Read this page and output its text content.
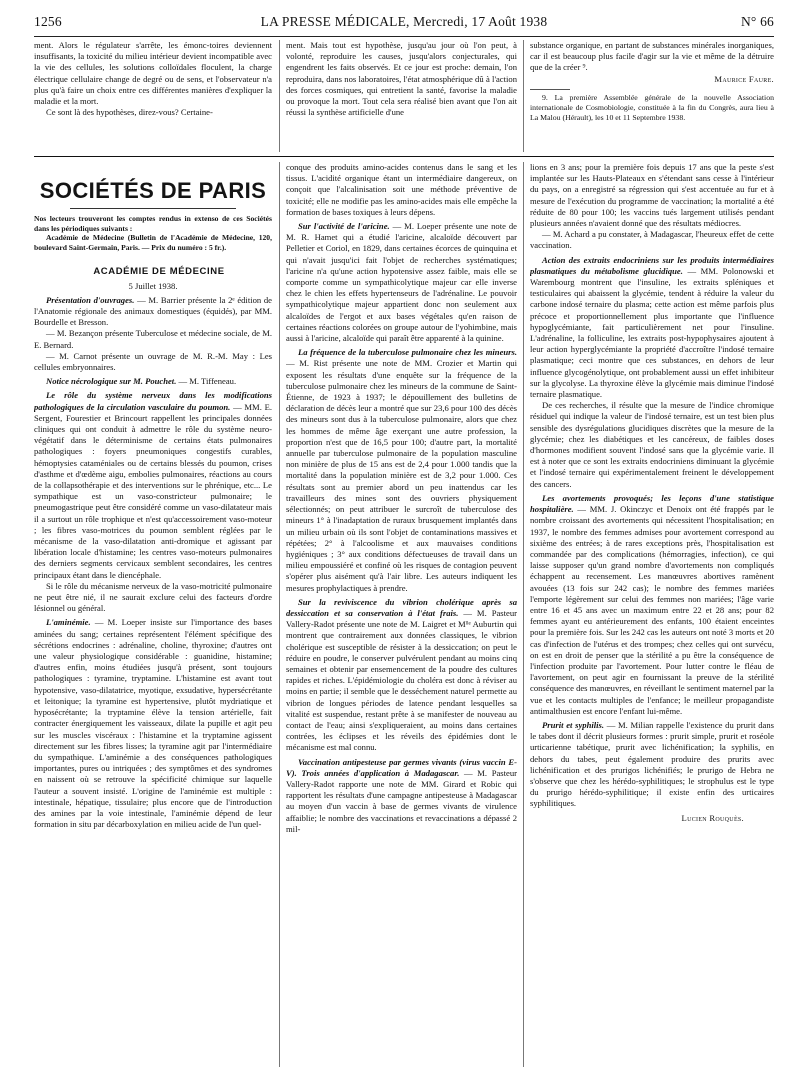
1256	LA PRESSE MÉDICALE, Mercredi, 17 Août 1938	N° 66

ment. Alors le régulateur s'arrête, les émonc-toires deviennent insuffisants, la toxicité du milieu intérieur devient incompatible avec la vie des cellules, les solutions colloïdales floculent, la charge électrique cellulaire change de degré ou de sens, et l'observateur n'a plus qu'à faire un choix entre ces différentes manières d'expliquer la maladie et la mort.

Ce sont là des hypothèses, direz-vous? Certaine-

ment. Mais tout est hypothèse, jusqu'au jour où l'on peut, à volonté, reproduire les causes, jusqu'alors conjecturales, qui engendrent les faits observés. Et ce jour est proche: demain, l'on reproduira, dans nos laboratoires, l'état atmosphérique dû à l'action des forces cosmiques, qui entretient la santé, favorise la maladie ou provoque la mort. Tout cela sera réalisé bien avant que l'on ait réussi la synthèse artificielle d'une

substance organique, en partant de substances minérales inorganiques, car il est beaucoup plus facile d'agir sur la vie et même de la détruire que de la créer ⁹.

Maurice Faure.

9. La première Assemblée générale de la nouvelle Association internationale de Cosmobiologie, constituée à la fin du Congrès, aura lieu à La Malou (Hérault), les 10 et 11 Septembre 1938.

SOCIÉTÉS DE PARIS

Nos lecteurs trouveront les comptes rendus in extenso de ces Sociétés dans les périodiques suivants :

Académie de Médecine (Bulletin de l'Académie de Médecine, 120, boulevard Saint-Germain, Paris. — Prix du numéro : 5 fr.).

ACADÉMIE DE MÉDECINE

5 Juillet 1938.

Présentation d'ouvrages. — M. Barrier présente la 2ᵉ édition de l'Anatomie régionale des animaux domestiques (équidés), par MM. Bourdelle et Bresson.

— M. Bezançon présente Tuberculose et médecine sociale, de M. E. Bernard.

— M. Carnot présente un ouvrage de M. R.-M. May : Les cellules embryonnaires.

Notice nécrologique sur M. Pouchet. — M. Tiffeneau.

Le rôle du système nerveux dans les modifications pathologiques de la circulation vasculaire du poumon. — MM. E. Sergent, Fourestier et Brincourt rappellent les principales données cliniques qui ont conduit à admettre le rôle du système neuro-végétatif dans le déterminisme de certains états pulmonaires pathologiques : foyers pneumoniques congestifs curables, hémoptysies cataméniales ou de certains blessés du poumon, crises d'asthme et d'œdème aigu, embolies pulmonaires, réactions au cours de la collapsothérapie et des interventions sur le phrénique, etc... Le sympathique est un vaso-constricteur pulmonaire; le pneumogastrique peut être considéré comme un vaso-dilatateur mais il a surtout un rôle trophique et n'est qu'accessoirement vaso-moteur ; les fibres vaso-motrices du poumon semblent réglées par le mécanisme de la vaso-dilatation anti-dromique et agissant par libération locale d'histamine; les centres vaso-moteurs pulmonaires des derniers segments cervicaux semblent secondaires, les centres principaux étant dans le diencéphale.

Si le rôle du mécanisme nerveux de la vaso-motricité pulmonaire ne peut être nié, il ne saurait exclure celui des facteurs d'ordre lésionnel ou général.

L'aminémie. — M. Loeper insiste sur l'importance des bases aminées du sang; certaines représentent l'élément spécifique des sécrétions endocrines : adrénaline, choline, thyroxine; d'autres ont une valeur physiologique considérable : guanidine, histamine; d'autres enfin, moins étudiées jusqu'à présent, sont toujours pathologiques : tyramine, tryptamine. L'histamine est avant tout hypotensive, vaso-dilatatrice, myotique, exsudative, hypersécrétante et leitonique; la tyramine est hypertensive, plutôt mydriatique et hyposécrétante; la tryptamine élève la tension artérielle, fait contracter énergiquement les vaisseaux, dilate la pupille et agit peu sur les muscles viscéraux : l'histamine et la tryptamine agissent directement sur les fibres lisses; la tyramine agit par l'intermédiaire du sympathique. L'aminémie a des conséquences pathologiques importantes, pures ou intriquées ; des symptômes et des syndromes en naissent où se retrouve la spécificité chimique sur laquelle l'auteur a souvent insisté. L'origine de l'aminémie est multiple : intestinale, hépatique, tissulaire; plus encore que de l'introduction des amines par la voie intestinale, l'aminémie dépend de leur formation in situ par décarboxylation en milieu acide de l'un quel-

conque des produits amino-acides contenus dans le sang et les tissus. L'acidité organique étant un intermédiaire dangereux, on conçoit que l'alcalinisation soit une méthode préventive de toxicité; elle ne modifie pas les amino-acides mais elle empêche la formation de bases toxiques à leurs dépens.

Sur l'activité de l'aricine. — M. Loeper présente une note de M. R. Hamet qui a étudié l'aricine, alcaloïde découvert par Pelletier et Coriol, en 1829, dans certaines écorces de quinquina et qui n'avait jusqu'ici fait l'objet de recherches systématiques; l'aricine n'a qu'une action hypotensive assez faible, mais elle se comporte comme un sympathicolytique majeur car elle inverse chez le chien les effets hypertenseurs de l'adrénaline. Le pouvoir sympathicolytique majeur appartient donc non seulement aux alcaloïdes de l'ergot et aux bases végétales qu'en raison de certaines réactions colorées on groupe autour de l'yohimbine, mais aussi à l'aricine, alcaloïde qui paraît être apparenté à la quinine.

La fréquence de la tuberculose pulmonaire chez les mineurs. — M. Rist présente une note de MM. Crozier et Martin qui exposent les résultats d'une enquête sur la fréquence de la tuberculose pulmonaire chez les mineurs de la commune de Saint-Étienne, de 1923 à 1937; le dépouillement des bulletins de déclaration de décès leur a montré que sur 23,6 pour 100 des décès des mineurs sont dus à la tuberculose pulmonaire, alors que chez les hommes de même âge exerçant une autre profession, la proportion n'est que de 16,5 pour 100; d'autre part, la mortalité annuelle par tuberculose pulmonaire de la population masculine non minière de plus de 15 ans est de 2,4 pour 1.000 tandis que la mortalité dans la population minière est de 3,2 pour 1.000. Ces résultats sont au premier abord un peu inattendus car les travailleurs des mines sont des ouvriers physiquement sélectionnés; on peut attribuer le surcroît de tuberculose des mineurs 1° à l'inadaptation de ruraux brusquement implantés dans un milieu urbain où ils sont l'objet de contaminations massives et répétées; 2° à l'alcoolisme et aux mauvaises conditions hygiéniques ; 3° aux conditions défectueuses de travail dans un milieu empoussiéré et confiné où les risques de contagion peuvent s'opérer plus aisément qu'à l'air libre. Les auteurs indiquent les mesures prophylactiques à prendre.

Sur la reviviscence du vibrion cholérique après sa dessiccation et sa conservation à l'état frais. — M. Pasteur Vallery-Radot présente une note de M. Laigret et Mˡˡᵉ Auburtin qui montrent que contrairement aux données classiques, le vibrion cholérique est susceptible de résister à la dessiccation; on peut le réduire en poudre, le conserver pulvérulent pendant au moins cinq semaines et obtenir par ensemencement de la poudre des cultures rapides et riches. L'épidémiologie du choléra est donc à réviser au moins en partie; il semble que le desséchement naturel permette au vibrion de longues périodes de latence pendant lesquelles sa vitalité est suspendue, restant prête à se manifester de nouveau au contact de l'eau; ainsi s'expliqueraient, au moins dans certaines contrées, les éclipses et les réveils des épidémies dont le mécanisme est mal connu.

Vaccination antipesteuse par germes vivants (virus vaccin E-V). Trois années d'application à Madagascar. — M. Pasteur Vallery-Radot rapporte une note de MM. Girard et Robic qui rapportent les résultats d'une campagne antipesteuse à Madagascar au moyen d'un vaccin à base de germes vivants de virulence affaiblie; le nombre des vaccinations et revaccinations a dépassé 2 mil-

lions en 3 ans; pour la première fois depuis 17 ans que la peste s'est implantée sur les Hauts-Plateaux en s'étendant sans cesse à l'intérieur du pays, on a enregistré sa régression qui s'est accentuée au fur et à mesure de l'exécution du programme de vaccination; la mortalité a été réduite de 80 pour 100; les vaccins tués largement utilisés pendant plusieurs années n'avaient donné que des résultats médiocres.

— M. Achard a pu constater, à Madagascar, l'heureux effet de cette vaccination.

Action des extraits endocriniens sur les produits intermédiaires plasmatiques du métabolisme glucidique. — MM. Polonowski et Warembourg montrent que l'insuline, les extraits spléniques et testiculaires qui abaissent la glycémie, tendent à réduire la valeur du carbone indosé ternaire du plasma; cette action est même parfois plus précoce et proportionnellement plus importante que l'influence hypoglycémiante, fait particulièrement net pour l'insuline. L'adrénaline, la folliculine, les extraits post-hypophysaires ajoutent à leur action hyperglycémiante la propriété d'accroître l'indosé ternaire plasmatique; ceci montre que ces substances, en dehors de leur influence glycogénolytique, ont probablement aussi un effet inhibiteur sur la glycolyse. La thyroxine élève la glycémie mais diminue l'indosé ternaire plasmatique.

De ces recherches, il résulte que la mesure de l'indice chromique résiduel qui indique la valeur de l'indosé ternaire, est un test bien plus sensible des dysrégulations glucidiques discrètes que la mesure de la glycémie; chez les diabétiques et les cancéreux, de faibles doses d'hormones modifient souvent l'indosé sans que la glycémie varie. Il est à noter que ce sont les extraits endocriniens diminuant la glycémie et l'indosé ternaire qui expérimentalement freinent le développement des cancers.

Les avortements provoqués; les leçons d'une statistique hospitalière. — MM. J. Okinczyc et Denoix ont été frappés par le nombre croissant des avortements qui nécessitent l'hospitalisation; en 1937, le nombre des femmes admises pour avortement correspond au sixième des entrées; à de rares exceptions près, l'hospitalisation est commandée par des complications (hémorragies, infection), ce qui laisse supposer qu'un grand nombre d'avortements non compliqués échappent au recensement. Les manœuvres abortives ramènent avouées (13 fois sur 242 cas); le nombre des femmes mariées l'emporte légèrement sur celui des femmes non mariées; l'âge varie entre 16 et 45 ans avec un maximum entre 22 et 28 ans; pour 82 femmes ayant eu antérieurement des enfants, 100 étaient enceintes pour la première fois. Sur les 242 cas les auteurs ont noté 3 morts et 20 cas d'infection de l'utérus et des trompes; chez celles qui ont survécu, on est en droit de penser que la stérilité a pu être la conséquence de l'infection produite par l'avortement. Pour lutter contre le fléau de l'avortement, on peut agir en fournissant la preuve de la stérilité conséquence des manœuvres, en réveillant le sentiment maternel par la vue et les contacts multiples de l'enfance; le meilleur propagandiste antimalthusien est encore l'enfant lui-même.

Prurit et syphilis. — M. Milian rappelle l'existence du prurit dans le tabes dont il décrit plusieurs formes : prurit simple, prurit et roséole urticarienne tabétique, prurit avec lichénification; la syphilis, en dehors du tabes, peut également produire des prurits avec lichénification et des prurigos lichénifiés; le prurigo de Hebra ne s'observe que chez les hérédo-syphilitiques; le strophulus est le type du prurigo hérédo-syphilitique; il existe enfin des urticaires syphilitiques.

Lucien Rouquès.
